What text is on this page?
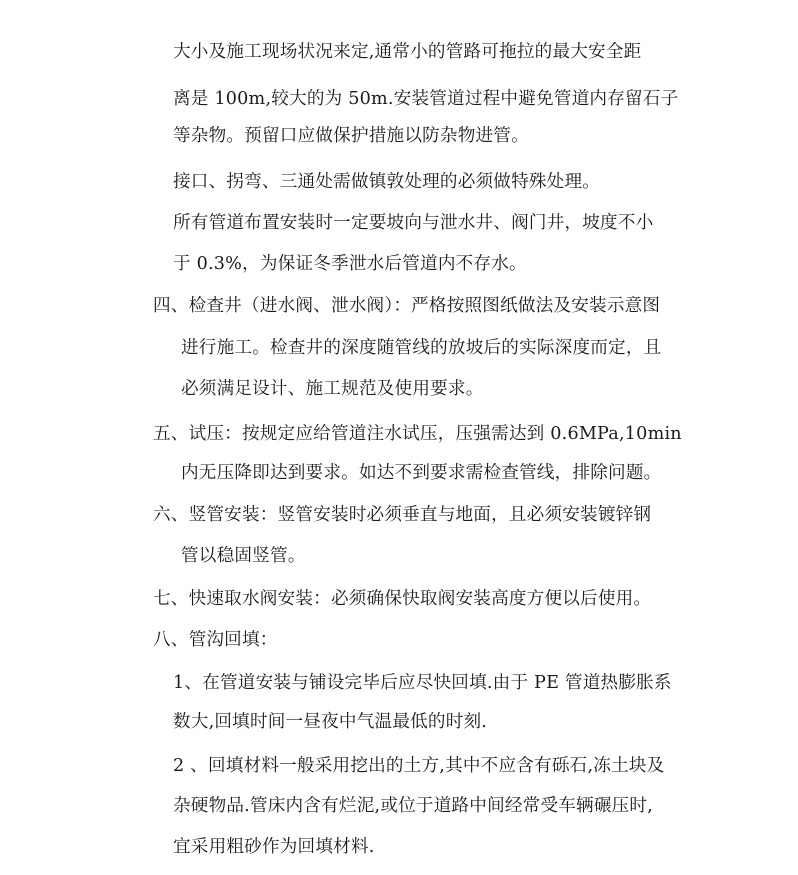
大小及施工现场状况来定,通常小的管路可拖拉的最大安全距
离是 100m,较大的为 50m.安装管道过程中避免管道内存留石子
等杂物。预留口应做保护措施以防杂物进管。
接口、拐弯、三通处需做镇敦处理的必须做特殊处理。
所有管道布置安装时一定要坡向与泄水井、阀门井，坡度不小
于 0.3%，为保证冬季泄水后管道内不存水。
四、检查井（进水阀、泄水阀）：严格按照图纸做法及安装示意图
进行施工。检查井的深度随管线的放坡后的实际深度而定，且
必须满足设计、施工规范及使用要求。
五、试压：按规定应给管道注水试压，压强需达到 0.6MPa,10min
内无压降即达到要求。如达不到要求需检查管线，排除问题。
六、竖管安装：竖管安装时必须垂直与地面，且必须安装镀锌钢
管以稳固竖管。
七、快速取水阀安装：必须确保快取阀安装高度方便以后使用。
八、管沟回填：
1、在管道安装与铺设完毕后应尽快回填.由于 PE 管道热膨胀系
数大,回填时间一昼夜中气温最低的时刻.
2 、回填材料一般采用挖出的土方,其中不应含有砾石,冻土块及
杂硬物品.管床内含有烂泥,或位于道路中间经常受车辆碾压时,
宜采用粗砂作为回填材料.
